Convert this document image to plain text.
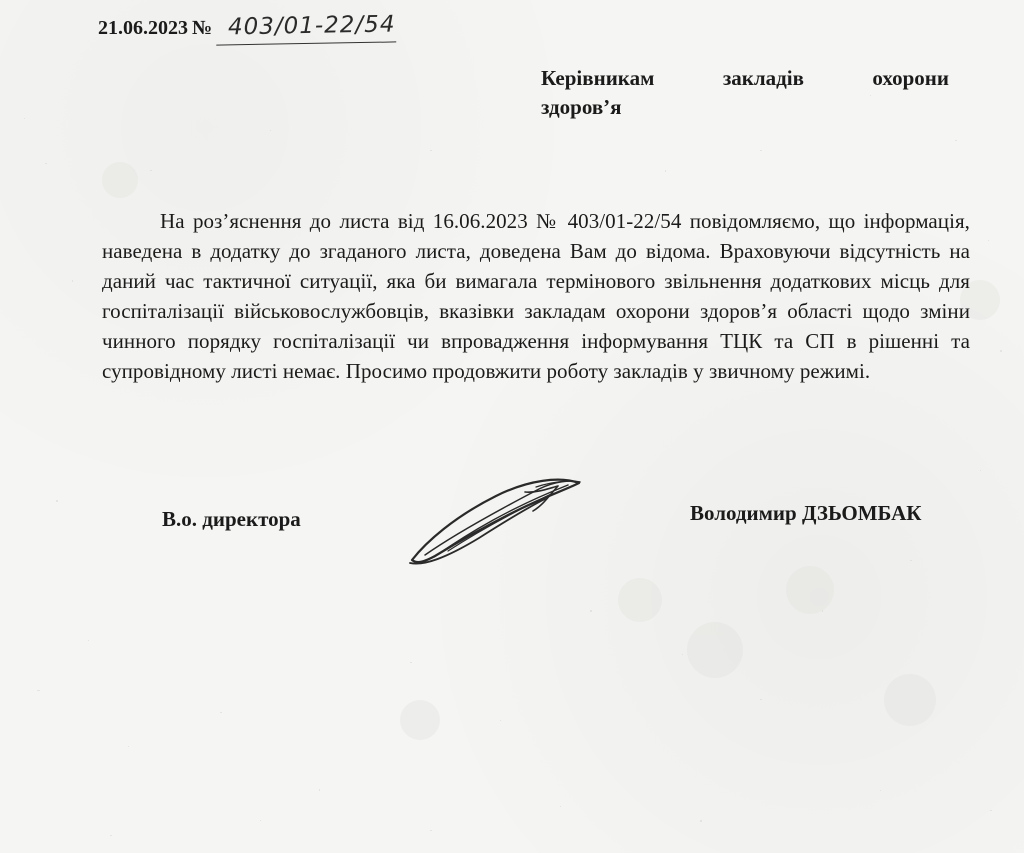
21.06.2023 № 403/01-22/54
Керівникам	закладів	охорони
здоров’я

На роз’яснення до листа від 16.06.2023 № 403/01-22/54 повідомляємо, що інформація, наведена в додатку до згаданого листа, доведена Вам до відома. Враховуючи відсутність на даний час тактичної ситуації, яка би вимагала термінового звільнення додаткових місць для госпіталізації військовослужбовців, вказівки закладам охорони здоров’я області щодо зміни чинного порядку госпіталізації чи впровадження інформування ТЦК та СП в рішенні та супровідному листі немає. Просимо продовжити роботу закладів у звичному режимі.

В.о. директора	Володимир ДЗЬОМБАК
